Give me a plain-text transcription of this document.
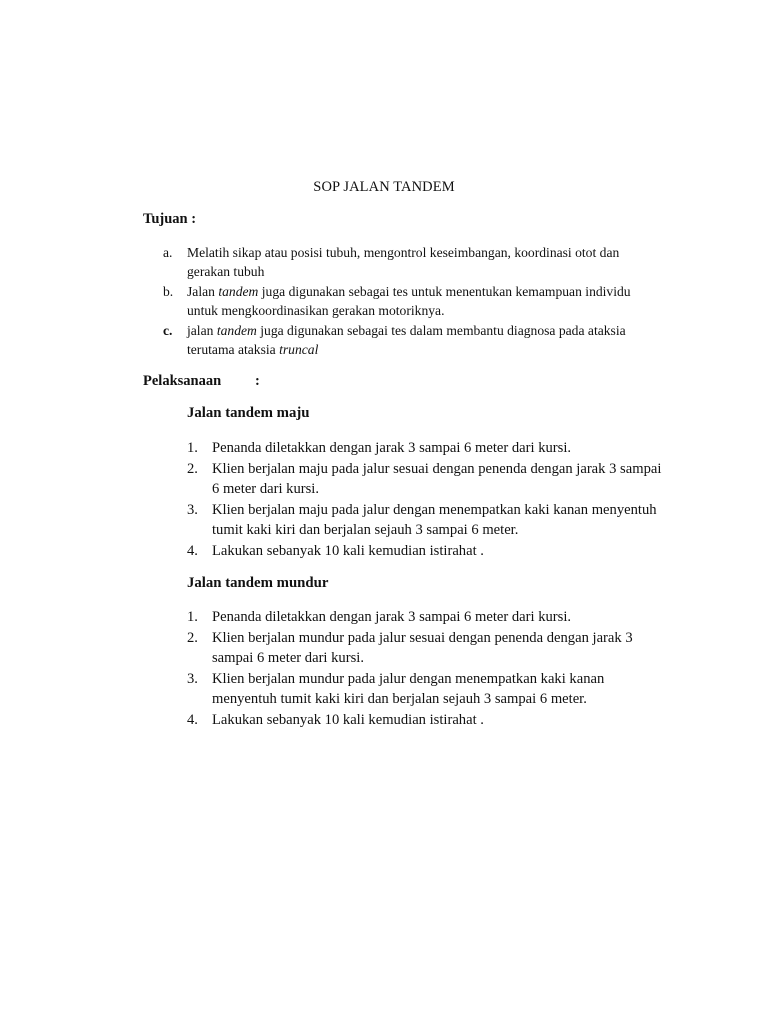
SOP JALAN TANDEM
Tujuan :
a. Melatih sikap atau posisi tubuh, mengontrol keseimbangan, koordinasi otot dan gerakan tubuh
b. Jalan tandem juga digunakan sebagai tes untuk menentukan kemampuan individu untuk mengkoordinasikan gerakan motoriknya.
c. jalan tandem juga digunakan sebagai tes dalam membantu diagnosa pada ataksia terutama ataksia truncal
Pelaksanaan :
Jalan tandem maju
1. Penanda diletakkan dengan jarak 3 sampai 6 meter dari kursi.
2. Klien berjalan maju pada jalur sesuai dengan penenda dengan jarak 3 sampai 6 meter dari kursi.
3. Klien berjalan maju pada jalur dengan menempatkan kaki kanan menyentuh tumit kaki kiri dan berjalan sejauh 3 sampai 6 meter.
4. Lakukan sebanyak 10 kali kemudian istirahat .
Jalan tandem mundur
1. Penanda diletakkan dengan jarak 3 sampai 6 meter dari kursi.
2. Klien berjalan mundur pada jalur sesuai dengan penenda dengan jarak 3 sampai 6 meter dari kursi.
3. Klien berjalan mundur pada jalur dengan menempatkan kaki kanan menyentuh tumit kaki kiri dan berjalan sejauh 3 sampai 6 meter.
4. Lakukan sebanyak 10 kali kemudian istirahat .
